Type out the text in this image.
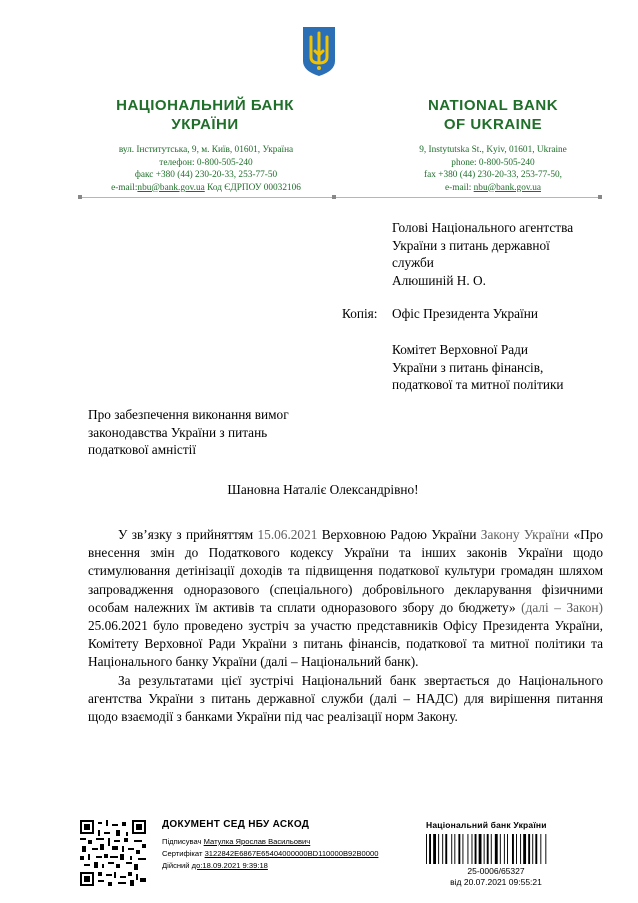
НАЦІОНАЛЬНИЙ БАНК
УКРАЇНИ
вул. Інститутська, 9, м. Київ, 01601, Україна
телефон: 0-800-505-240
факс +380 (44) 230-20-33, 253-77-50
e-mail:nbu@bank.gov.ua Код ЄДРПОУ 00032106
NATIONAL BANK
OF UKRAINE
9, Instytutska St., Kyiv, 01601, Ukraine
phone: 0-800-505-240
fax +380 (44) 230-20-33, 253-77-50,
e-mail: nbu@bank.gov.ua
Голові Національного агентства
України з питань державної
служби
Алюшиній Н. О.
Копія: Офіс Президента України
Комітет Верховної Ради
України з питань фінансів,
податкової та митної політики
Про забезпечення виконання вимог
законодавства України з питань
податкової амністії
Шановна Наталіє Олександрівно!

У зв’язку з прийняттям 15.06.2021 Верховною Радою України Закону України «Про внесення змін до Податкового кодексу України та інших законів України щодо стимулювання детінізації доходів та підвищення податкової культури громадян шляхом запровадження одноразового (спеціального) добровільного декларування фізичними особам належних їм активів та сплати одноразового збору до бюджету» (далі – Закон) 25.06.2021 було проведено зустріч за участю представників Офісу Президента України, Комітету Верховної Ради України з питань фінансів, податкової та митної політики та Національного банку України (далі – Національний банк).

За результатами цієї зустрічі Національний банк звертається до Національного агентства України з питань державної служби (далі – НАДС) для вирішення питання щодо взаємодії з банками України під час реалізації норм Закону.

ДОКУМЕНТ СЕД НБУ АСКОД
Підписувач Матулка Ярослав Васильович
Сертифікат 3122842E6867E65404000000BD110000B92B0000
Дійсний до:18.09.2021 9:39:18
Національний банк України
25-0006/65327
від 20.07.2021 09:55:21
